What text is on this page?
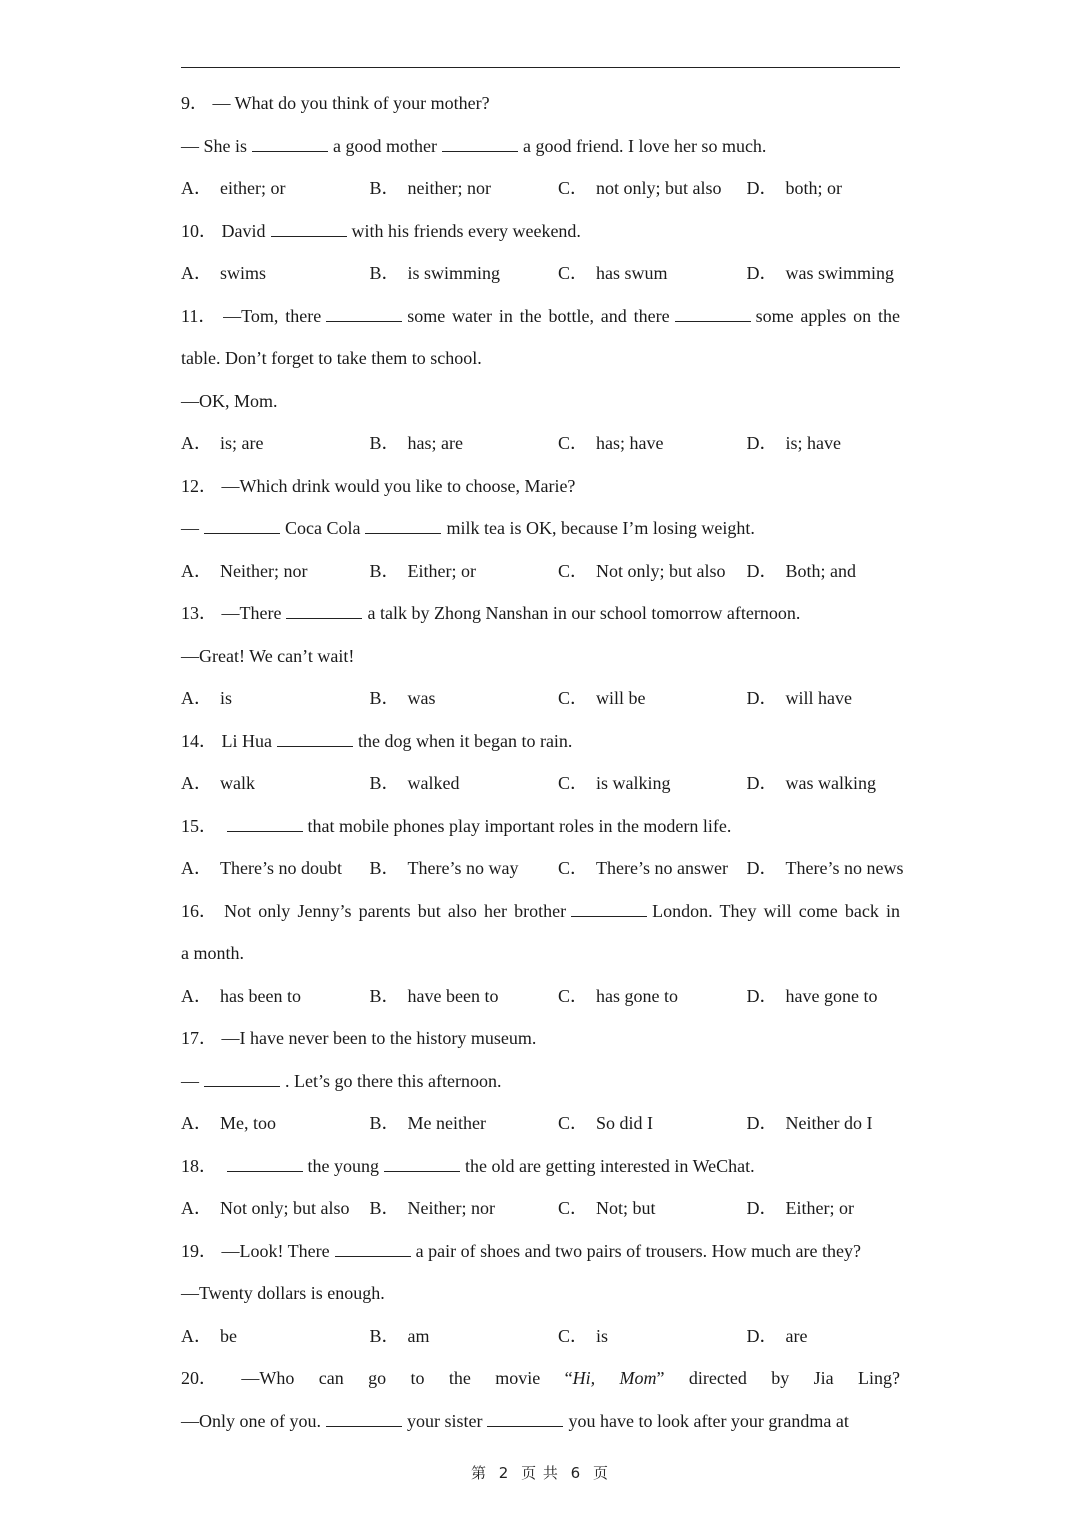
9． — What do you think of your mother?
— She is	a good mother	a good friend. I love her so much.
A． either; or	B． neither; nor	C． not only; but also	D． both; or
10． David	with his friends every weekend.
A． swims	B． is swimming	C． has swum	D． was swimming
11． —Tom, there	some water in the bottle, and there	some apples on the
table. Don’t forget to take them to school.
—OK, Mom.
A． is; are	B． has; are	C． has; have	D． is; have
12． —Which drink would you like to choose, Marie?
—	Coca Cola	milk tea is OK, because I’m losing weight.
A． Neither; nor	B． Either; or	C． Not only; but also	D． Both; and
13． —There	a talk by Zhong Nanshan in our school tomorrow afternoon.
—Great! We can’t wait!
A． is	B． was	C． will be	D． will have
14． Li Hua	the dog when it began to rain.
A． walk	B． walked	C． is walking	D． was walking
15．	that mobile phones play important roles in the modern life.
A． There’s no doubt	B． There’s no way	C． There’s no answer	D． There’s no news
16． Not only Jenny’s parents but also her brother	London. They will come back in
a month.
A． has been to	B． have been to	C． has gone to	D． have gone to
17． —I have never been to the history museum.
—	. Let’s go there this afternoon.
A． Me, too	B． Me neither	C． So did I	D． Neither do I
18．	the young	the old are getting interested in WeChat.
A． Not only; but also	B． Neither; nor	C． Not; but	D． Either; or
19． —Look! There	a pair of shoes and two pairs of trousers. How much are they?
—Twenty dollars is enough.
A． be	B． am	C． is	D． are
20． —Who can go to the movie “Hi, Mom” directed by Jia Ling?
—Only one of you.	your sister	you have to look after your grandma at
第 2 页 共 6 页
